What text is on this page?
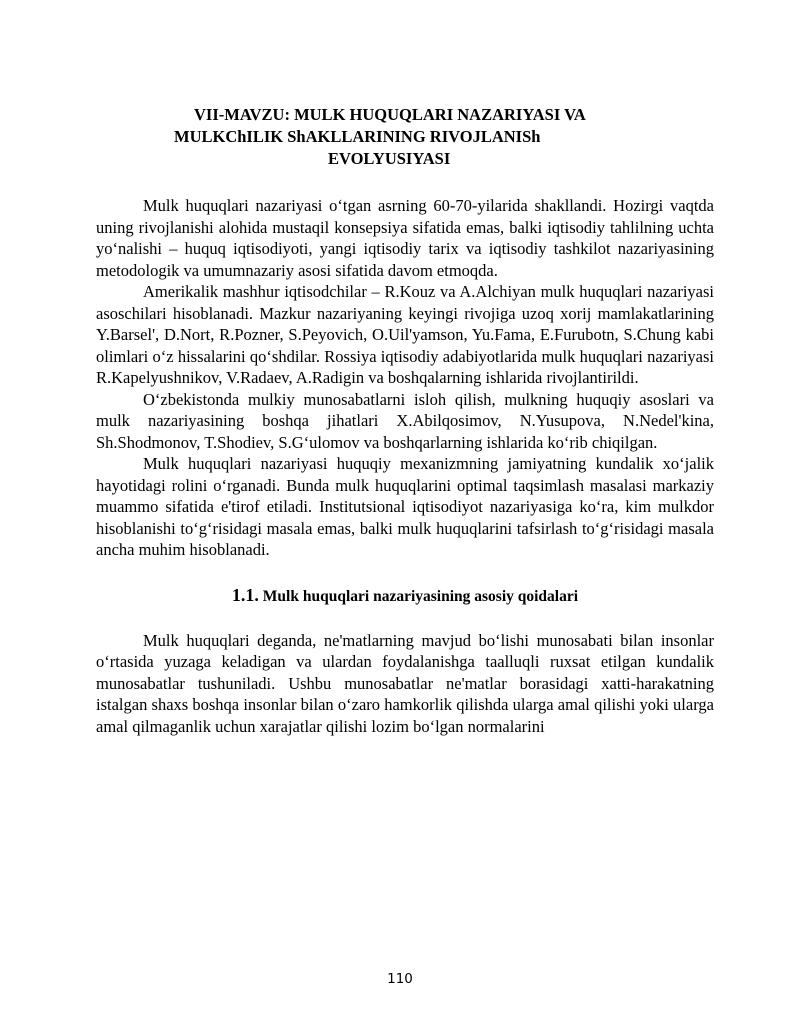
VII-MAVZU: MULK HUQUQLARI NAZARIYASI VA
MULKChILIK ShAKLLARINING RIVOJLANISh
EVOLYUSIYASI

Mulk huquqlari nazariyasi o‘tgan asrning 60-70-yilarida shakllandi. Hozirgi vaqtda uning rivojlanishi alohida mustaqil konsepsiya sifatida emas, balki iqtisodiy tahlilning uchta yo‘nalishi – huquq iqtisodiyoti, yangi iqtisodiy tarix va iqtisodiy tashkilot nazariyasining metodologik va umumnazariy asosi sifatida davom etmoqda.

Amerikalik mashhur iqtisodchilar – R.Kouz va A.Alchiyan mulk huquqlari nazariyasi asoschilari hisoblanadi. Mazkur nazariyaning keyingi rivojiga uzoq xorij mamlakatlarining Y.Barsel', D.Nort, R.Pozner, S.Peyovich, O.Uil'yamson, Yu.Fama, E.Furubotn, S.Chung kabi olimlari o‘z hissalarini qo‘shdilar. Rossiya iqtisodiy adabiyotlarida mulk huquqlari nazariyasi R.Kapelyushnikov, V.Radaev, A.Radigin va boshqalarning ishlarida rivojlantirildi.

O‘zbekistonda mulkiy munosabatlarni isloh qilish, mulkning huquqiy asoslari va mulk nazariyasining boshqa jihatlari X.Abilqosimov, N.Yusupova, N.Nedel'kina, Sh.Shodmonov, T.Shodiev, S.G‘ulomov va boshqarlarning ishlarida ko‘rib chiqilgan.

Mulk huquqlari nazariyasi huquqiy mexanizmning jamiyatning kundalik xo‘jalik hayotidagi rolini o‘rganadi. Bunda mulk huquqlarini optimal taqsimlash masalasi markaziy muammo sifatida e'tirof etiladi. Institutsional iqtisodiyot nazariyasiga ko‘ra, kim mulkdor hisoblanishi to‘g‘risidagi masala emas, balki mulk huquqlarini tafsirlash to‘g‘risidagi masala ancha muhim hisoblanadi.

1.1. Mulk huquqlari nazariyasining asosiy qoidalari

Mulk huquqlari deganda, ne'matlarning mavjud bo‘lishi munosabati bilan insonlar o‘rtasida yuzaga keladigan va ulardan foydalanishga taalluqli ruxsat etilgan kundalik munosabatlar tushuniladi. Ushbu munosabatlar ne'matlar borasidagi xatti-harakatning istalgan shaxs boshqa insonlar bilan o‘zaro hamkorlik qilishda ularga amal qilishi yoki ularga amal qilmaganlik uchun xarajatlar qilishi lozim bo‘lgan normalarini

110
